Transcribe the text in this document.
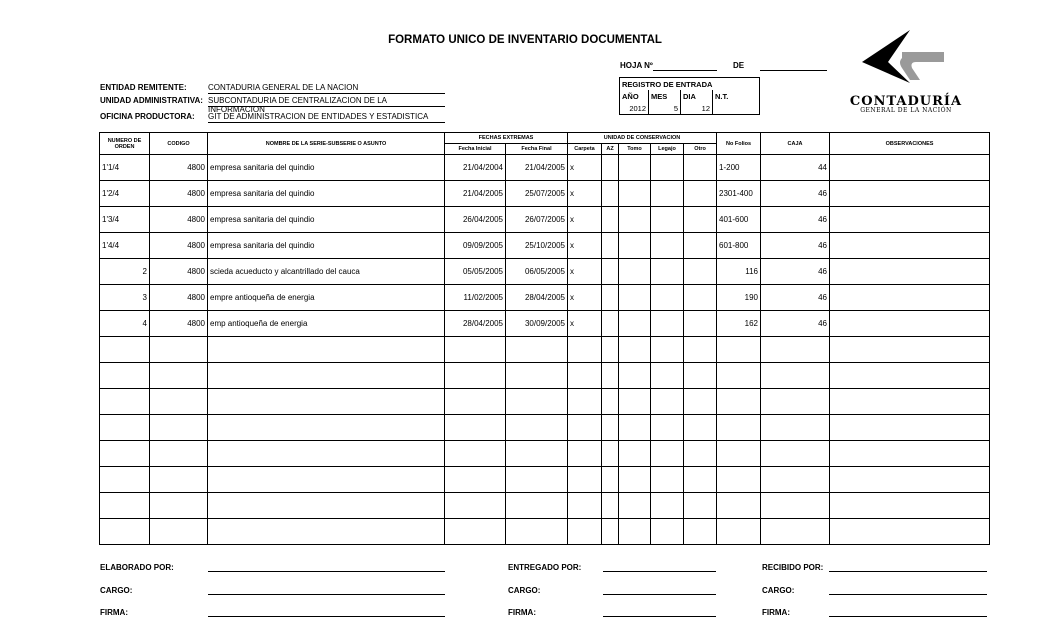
FORMATO UNICO DE INVENTARIO DOCUMENTAL
HOJA Nº	DE
ENTIDAD REMITENTE:	CONTADURIA GENERAL DE LA NACION
UNIDAD ADMINISTRATIVA: SUBCONTADURIA DE CENTRALIZACION DE LA INFORMACION
OFICINA PRODUCTORA: GIT DE ADMINISTRACION DE ENTIDADES Y ESTADISTICA
REGISTRO DE ENTRADA			
AÑO	MES	DIA	N.T.
2012	5	12		CONTADURÍA
GENERAL DE LA NACIÓN
NUMERO DE ORDEN	CODIGO	NOMBRE DE LA SERIE-SUBSERIE O ASUNTO	FECHAS EXTREMAS		UNIDAD DE CONSERVACION					No Folios	CAJA	OBSERVACIONES
			Fecha Inicial	Fecha Final	Carpeta	AZ	Tomo	Legajo	Otro			
1'1/4	4800	empresa sanitaria del quindio	21/04/2004	21/04/2005	x					1-200	44	
1'2/4	4800	empresa sanitaria del quindio	21/04/2005	25/07/2005	x					2301-400	46	
1'3/4	4800	empresa sanitaria del quindio	26/04/2005	26/07/2005	x					401-600	46	
1'4/4	4800	empresa sanitaria del quindio	09/09/2005	25/10/2005	x					601-800	46	
2	4800	scieda acueducto y alcantrillado del cauca	05/05/2005	06/05/2005	x					116	46	
3	4800	empre antioqueña de energia	11/02/2005	28/04/2005	x					190	46	
4	4800	emp antioqueña de energia	28/04/2005	30/09/2005	x					162	46	

ELABORADO POR:	ENTREGADO POR:	RECIBIDO POR:
CARGO:	CARGO:	CARGO:
FIRMA:	FIRMA:	FIRMA:
